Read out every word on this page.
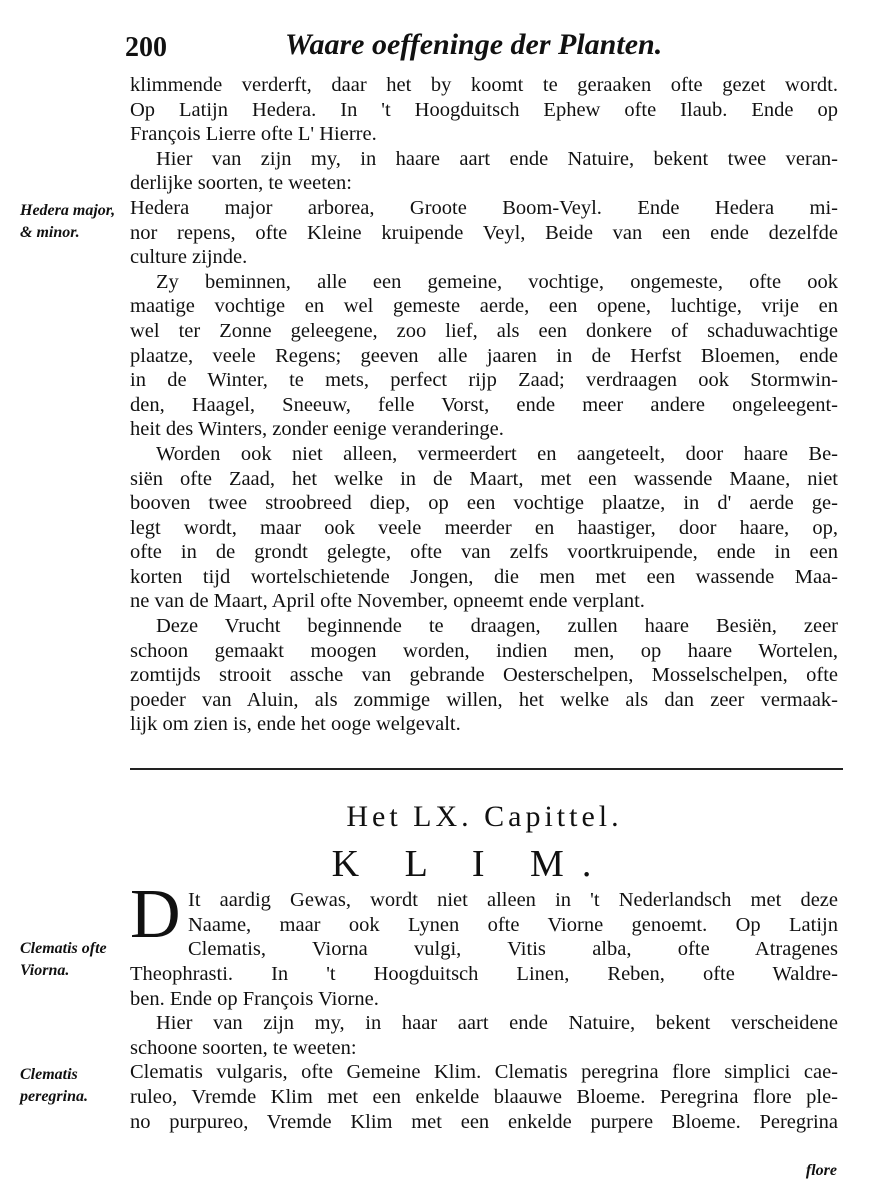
200	Waare oeffeninge der Planten.
klimmende verderft, daar het by koomt te geraaken ofte gezet wordt.
Op Latijn Hedera. In 't Hoogduitsch Ephew ofte Ilaub. Ende op
François Lierre ofte L' Hierre.
Hier van zijn my, in haare aart ende Natuire, bekent twee veran-
derlijke soorten, te weeten:
Hedera major arborea, Groote Boom-Veyl. Ende Hedera mi-
nor repens, ofte Kleine kruipende Veyl, Beide van een ende dezelfde
culture zijnde.
Zy beminnen, alle een gemeine, vochtige, ongemeste, ofte ook
maatige vochtige en wel gemeste aerde, een opene, luchtige, vrije en
wel ter Zonne geleegene, zoo lief, als een donkere of schaduwachtige
plaatze, veele Regens; geeven alle jaaren in de Herfst Bloemen, ende
in de Winter, te mets, perfect rijp Zaad; verdraagen ook Stormwin-
den, Haagel, Sneeuw, felle Vorst, ende meer andere ongeleegent-
heit des Winters, zonder eenige veranderinge.
Worden ook niet alleen, vermeerdert en aangeteelt, door haare Be-
siën ofte Zaad, het welke in de Maart, met een wassende Maane, niet
booven twee stroobreed diep, op een vochtige plaatze, in d' aerde ge-
legt wordt, maar ook veele meerder en haastiger, door haare, op,
ofte in de grondt gelegte, ofte van zelfs voortkruipende, ende in een
korten tijd wortelschietende Jongen, die men met een wassende Maa-
ne van de Maart, April ofte November, opneemt ende verplant.
Deze Vrucht beginnende te draagen, zullen haare Besiën, zeer
schoon gemaakt moogen worden, indien men, op haare Wortelen,
zomtijds strooit assche van gebrande Oesterschelpen, Mosselschelpen, ofte
poeder van Aluin, als zommige willen, het welke als dan zeer vermaak-
lijk om zien is, ende het ooge welgevalt.
Hedera major, & minor.
Het LX. Capittel.
K L I M.
D It aardig Gewas, wordt niet alleen in 't Nederlandsch met deze
Naame, maar ook Lynen ofte Viorne genoemt. Op Latijn
Clematis, Viorna vulgi, Vitis alba, ofte Atragenes
Theophrasti. In 't Hoogduitsch Linen, Reben, ofte Waldre-
ben. Ende op François Viorne.
Hier van zijn my, in haar aart ende Natuire, bekent verscheidene
schoone soorten, te weeten:
Clematis vulgaris, ofte Gemeine Klim. Clematis peregrina flore simplici cae-
ruleo, Vremde Klim met een enkelde blaauwe Bloeme. Peregrina flore ple-
no purpureo, Vremde Klim met een enkelde purpere Bloeme. Peregrina
Clematis ofte Viorna.
Clematis peregrina.
flore
